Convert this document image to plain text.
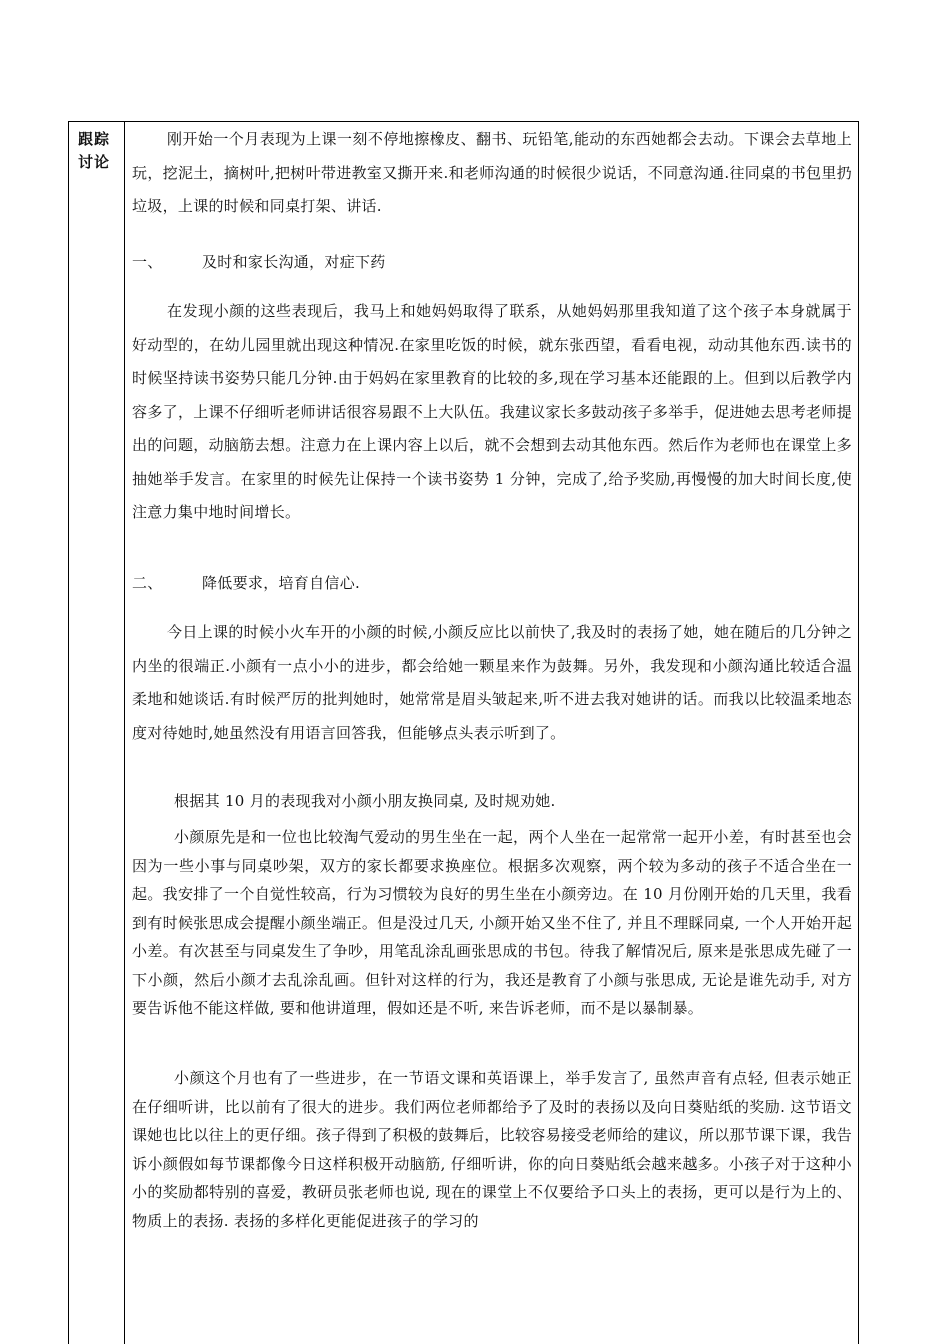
跟踪讨论

刚开始一个月表现为上课一刻不停地擦橡皮、翻书、玩铅笔,能动的东西她都会去动。下课会去草地上玩，挖泥土，摘树叶,把树叶带进教室又撕开来.和老师沟通的时候很少说话，不同意沟通.往同桌的书包里扔垃圾，上课的时候和同桌打架、讲话.

一、	及时和家长沟通，对症下药

在发现小颜的这些表现后，我马上和她妈妈取得了联系，从她妈妈那里我知道了这个孩子本身就属于好动型的，在幼儿园里就出现这种情况.在家里吃饭的时候，就东张西望，看看电视，动动其他东西.读书的时候坚持读书姿势只能几分钟.由于妈妈在家里教育的比较的多,现在学习基本还能跟的上。但到以后教学内容多了，上课不仔细听老师讲话很容易跟不上大队伍。我建议家长多鼓动孩子多举手，促进她去思考老师提出的问题，动脑筋去想。注意力在上课内容上以后，就不会想到去动其他东西。然后作为老师也在课堂上多抽她举手发言。在家里的时候先让保持一个读书姿势 1 分钟，完成了,给予奖励,再慢慢的加大时间长度,使注意力集中地时间增长。

二、	降低要求，培育自信心.

今日上课的时候小火车开的小颜的时候,小颜反应比以前快了,我及时的表扬了她，她在随后的几分钟之内坐的很端正.小颜有一点小小的进步，都会给她一颗星来作为鼓舞。另外，我发现和小颜沟通比较适合温柔地和她谈话.有时候严厉的批判她时，她常常是眉头皱起来,听不进去我对她讲的话。而我以比较温柔地态度对待她时,她虽然没有用语言回答我，但能够点头表示听到了。

根据其 10 月的表现我对小颜小朋友换同桌, 及时规劝她.

小颜原先是和一位也比较淘气爱动的男生坐在一起，两个人坐在一起常常一起开小差，有时甚至也会因为一些小事与同桌吵架，双方的家长都要求换座位。根据多次观察，两个较为多动的孩子不适合坐在一起。我安排了一个自觉性较高，行为习惯较为良好的男生坐在小颜旁边。在 10 月份刚开始的几天里，我看到有时候张思成会提醒小颜坐端正。但是没过几天, 小颜开始又坐不住了, 并且不理睬同桌, 一个人开始开起小差。有次甚至与同桌发生了争吵，用笔乱涂乱画张思成的书包。待我了解情况后, 原来是张思成先碰了一下小颜，然后小颜才去乱涂乱画。但针对这样的行为，我还是教育了小颜与张思成, 无论是谁先动手, 对方要告诉他不能这样做, 要和他讲道理，假如还是不听, 来告诉老师，而不是以暴制暴。

小颜这个月也有了一些进步，在一节语文课和英语课上，举手发言了, 虽然声音有点轻, 但表示她正在仔细听讲，比以前有了很大的进步。我们两位老师都给予了及时的表扬以及向日葵贴纸的奖励. 这节语文课她也比以往上的更仔细。孩子得到了积极的鼓舞后，比较容易接受老师给的建议，所以那节课下课，我告诉小颜假如每节课都像今日这样积极开动脑筋, 仔细听讲，你的向日葵贴纸会越来越多。小孩子对于这种小小的奖励都特别的喜爱，教研员张老师也说, 现在的课堂上不仅要给予口头上的表扬，更可以是行为上的、物质上的表扬. 表扬的多样化更能促进孩子的学习的
